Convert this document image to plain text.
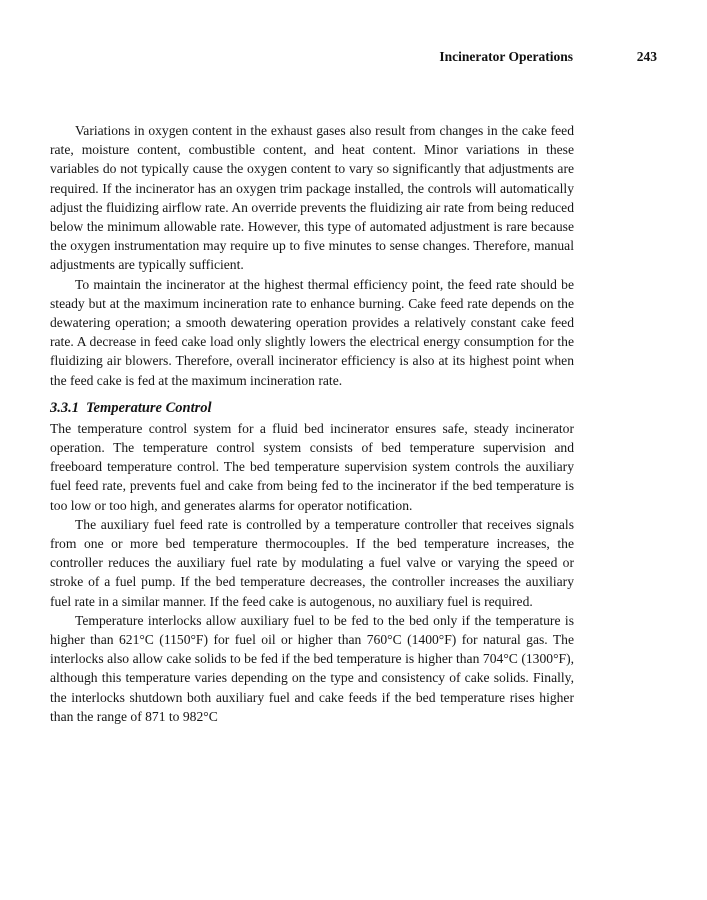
Incinerator Operations	243

Variations in oxygen content in the exhaust gases also result from changes in the cake feed rate, moisture content, combustible content, and heat content. Minor variations in these variables do not typically cause the oxygen content to vary so significantly that adjustments are required. If the incinerator has an oxygen trim package installed, the controls will automatically adjust the fluidizing airflow rate. An override prevents the fluidizing air rate from being reduced below the minimum allowable rate. However, this type of automated adjustment is rare because the oxygen instrumentation may require up to five minutes to sense changes. Therefore, manual adjustments are typically sufficient.

To maintain the incinerator at the highest thermal efficiency point, the feed rate should be steady but at the maximum incineration rate to enhance burning. Cake feed rate depends on the dewatering operation; a smooth dewatering operation provides a relatively constant cake feed rate. A decrease in feed cake load only slightly lowers the electrical energy consumption for the fluidizing air blowers. Therefore, overall incinerator efficiency is also at its highest point when the feed cake is fed at the maximum incineration rate.

3.3.1 Temperature Control

The temperature control system for a fluid bed incinerator ensures safe, steady incinerator operation. The temperature control system consists of bed temperature supervision and freeboard temperature control. The bed temperature supervision system controls the auxiliary fuel feed rate, prevents fuel and cake from being fed to the incinerator if the bed temperature is too low or too high, and generates alarms for operator notification.

The auxiliary fuel feed rate is controlled by a temperature controller that receives signals from one or more bed temperature thermocouples. If the bed temperature increases, the controller reduces the auxiliary fuel rate by modulating a fuel valve or varying the speed or stroke of a fuel pump. If the bed temperature decreases, the controller increases the auxiliary fuel rate in a similar manner. If the feed cake is autogenous, no auxiliary fuel is required.

Temperature interlocks allow auxiliary fuel to be fed to the bed only if the temperature is higher than 621°C (1150°F) for fuel oil or higher than 760°C (1400°F) for natural gas. The interlocks also allow cake solids to be fed if the bed temperature is higher than 704°C (1300°F), although this temperature varies depending on the type and consistency of cake solids. Finally, the interlocks shutdown both auxiliary fuel and cake feeds if the bed temperature rises higher than the range of 871 to 982°C
